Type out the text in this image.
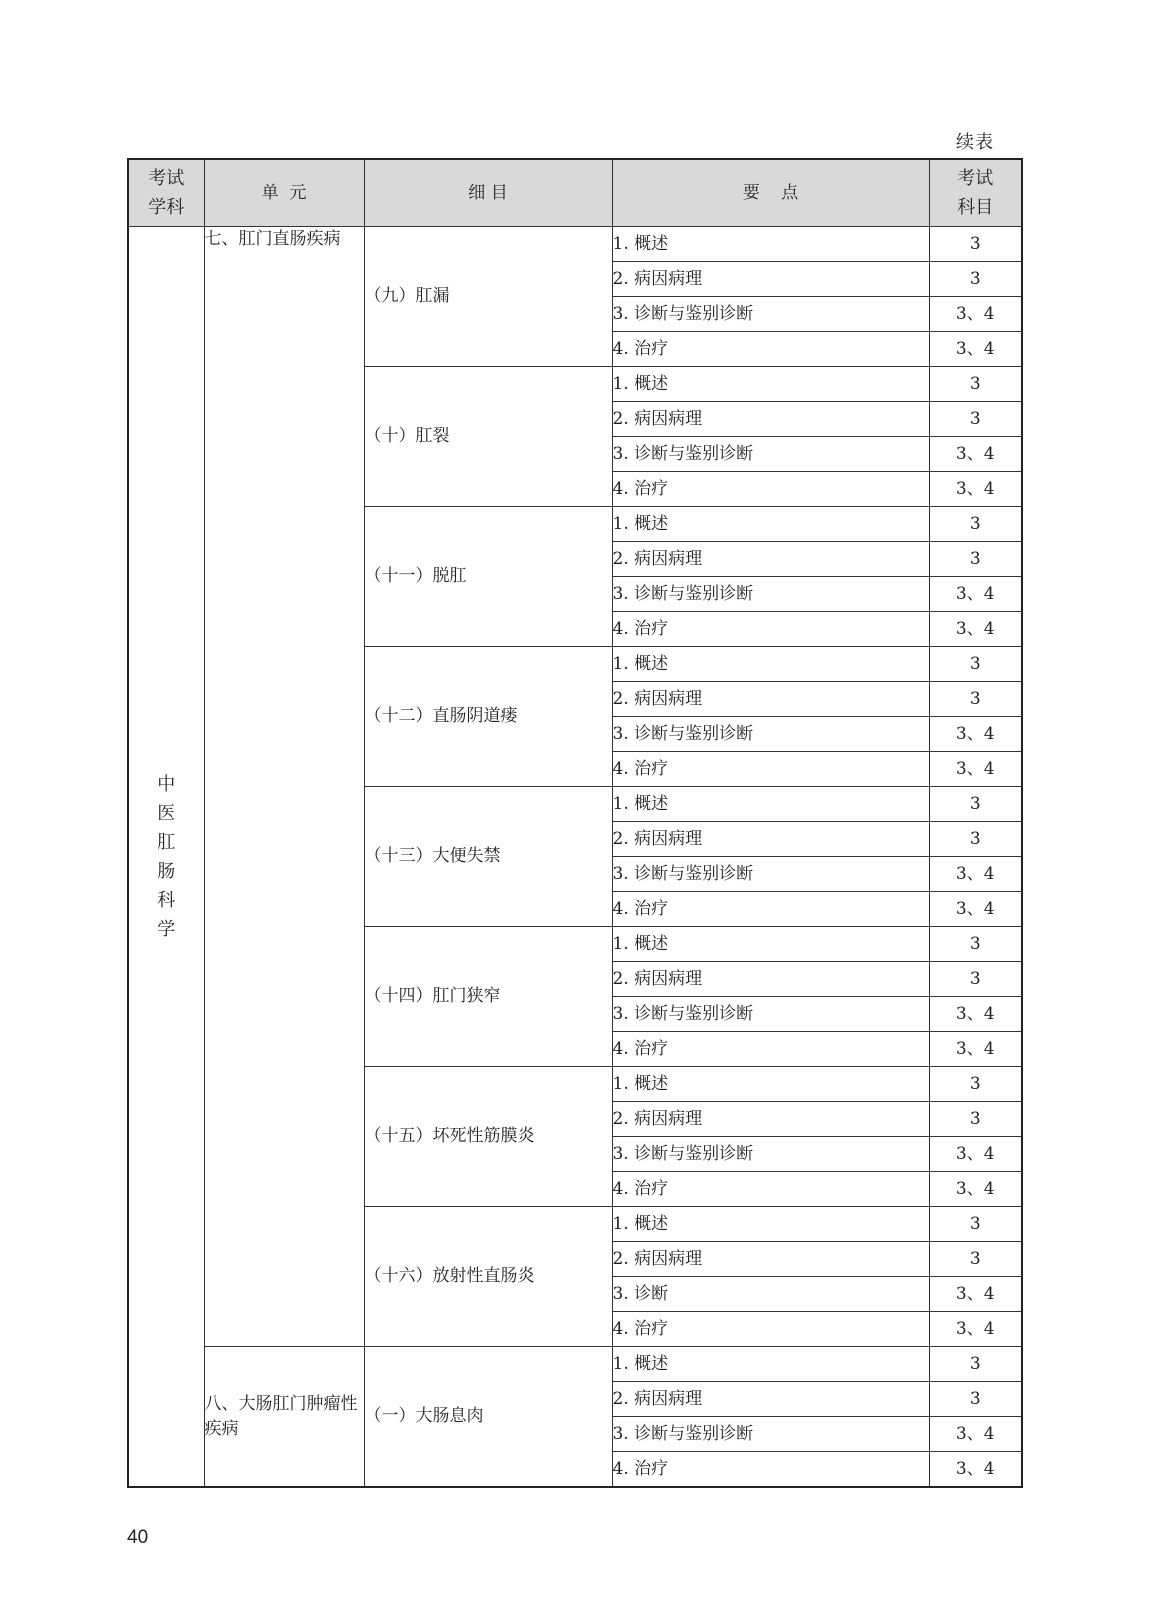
续表
考试学科	单  元	细 目	要    点	考试科目
中医肛肠科学	七、肛门直肠疾病	（九）肛漏	1. 概述	3
			2. 病因病理	3
			3. 诊断与鉴别诊断	3、4
			4. 治疗	3、4
		（十）肛裂	1. 概述	3
			2. 病因病理	3
			3. 诊断与鉴别诊断	3、4
			4. 治疗	3、4
		（十一）脱肛	1. 概述	3
			2. 病因病理	3
			3. 诊断与鉴别诊断	3、4
			4. 治疗	3、4
		（十二）直肠阴道瘘	1. 概述	3
			2. 病因病理	3
			3. 诊断与鉴别诊断	3、4
			4. 治疗	3、4
		（十三）大便失禁	1. 概述	3
			2. 病因病理	3
			3. 诊断与鉴别诊断	3、4
			4. 治疗	3、4
		（十四）肛门狭窄	1. 概述	3
			2. 病因病理	3
			3. 诊断与鉴别诊断	3、4
			4. 治疗	3、4
		（十五）坏死性筋膜炎	1. 概述	3
			2. 病因病理	3
			3. 诊断与鉴别诊断	3、4
			4. 治疗	3、4
		（十六）放射性直肠炎	1. 概述	3
			2. 病因病理	3
			3. 诊断	3、4
			4. 治疗	3、4
	八、大肠肛门肿瘤性疾病	（一）大肠息肉	1. 概述	3
			2. 病因病理	3
			3. 诊断与鉴别诊断	3、4
			4. 治疗	3、4
40
